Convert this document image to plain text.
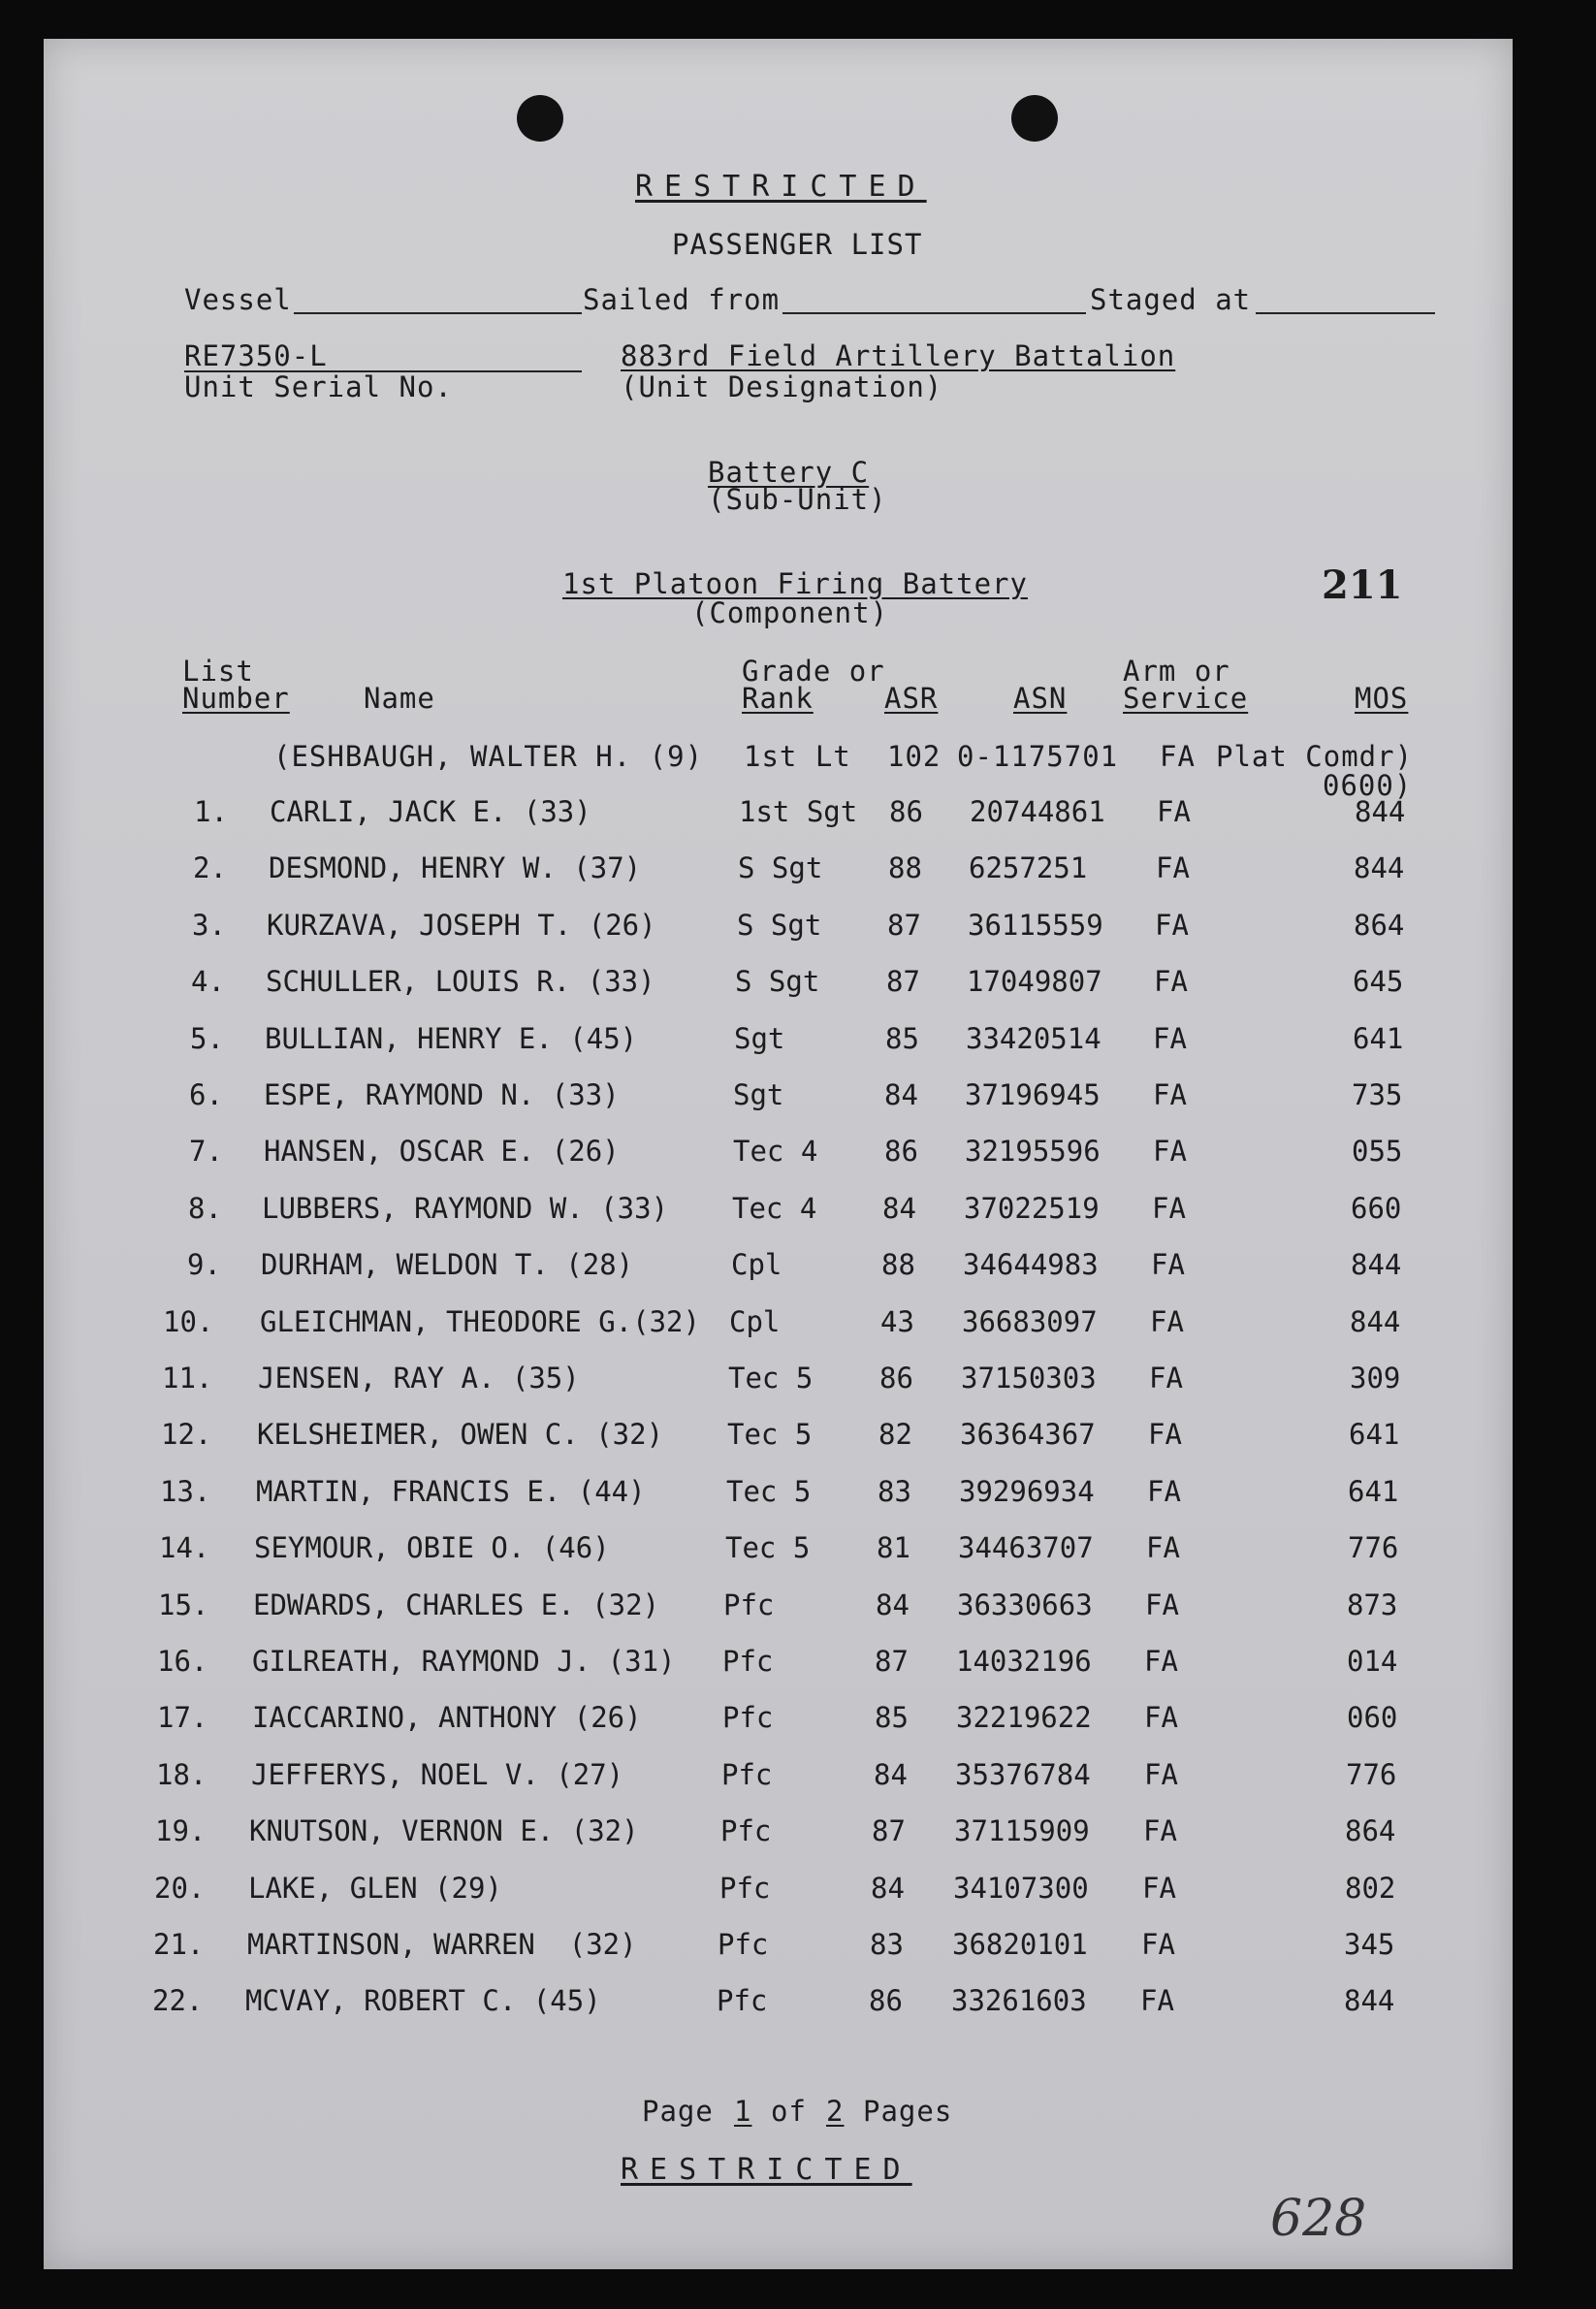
RESTRICTED
PASSENGER LIST
Vessel	Sailed from	Staged at
RE7350-L
Unit Serial No.
883rd Field Artillery Battalion
(Unit Designation)
Battery C
(Sub-Unit)
1st Platoon Firing Battery
(Component)
211
List
Number	Name
Grade or
Rank	ASR	ASN
Arm or
Service	MOS
(ESHBAUGH, WALTER H. (9) 1st Lt 102 0-1175701 FA Plat Comdr)
0600)
1. CARLI, JACK E. (33)	1st Sgt 86 20744861 FA	844
2. DESMOND, HENRY W. (37)	S Sgt 88 6257251 FA	844
3. KURZAVA, JOSEPH T. (26)	S Sgt 87 36115559 FA	864
4. SCHULLER, LOUIS R. (33)	S Sgt 87 17049807 FA	645
5. BULLIAN, HENRY E. (45)	Sgt	85 33420514 FA	641
6. ESPE, RAYMOND N. (33)	Sgt	84 37196945 FA	735
7. HANSEN, OSCAR E. (26)	Tec 4 86 32195596 FA	055
8. LUBBERS, RAYMOND W. (33) Tec 4 84 37022519 FA	660
9. DURHAM, WELDON T. (28)	Cpl	88 34644983 FA	844
10. GLEICHMAN, THEODORE G.(32) Cpl	43 36683097 FA	844
11. JENSEN, RAY A. (35)	Tec 5 86 37150303 FA	309
12. KELSHEIMER, OWEN C. (32) Tec 5 82 36364367 FA	641
13. MARTIN, FRANCIS E. (44)	Tec 5 83 39296934 FA	641
14. SEYMOUR, OBIE O. (46)	Tec 5 81 34463707 FA	776
15. EDWARDS, CHARLES E. (32) Pfc	84 36330663 FA	873
16. GILREATH, RAYMOND J. (31) Pfc	87 14032196 FA	014
17. IACCARINO, ANTHONY (26)	Pfc	85 32219622 FA	060
18. JEFFERYS, NOEL V. (27)	Pfc	84 35376784 FA	776
19. KNUTSON, VERNON E. (32)	Pfc	87 37115909 FA	864
20. LAKE, GLEN (29)	Pfc	84 34107300 FA	802
21. MARTINSON, WARREN  (32)	Pfc	83 36820101 FA	345
22. MCVAY, ROBERT C. (45)	Pfc	86 33261603 FA	844
Page 1 of 2 Pages
RESTRICTED
628
